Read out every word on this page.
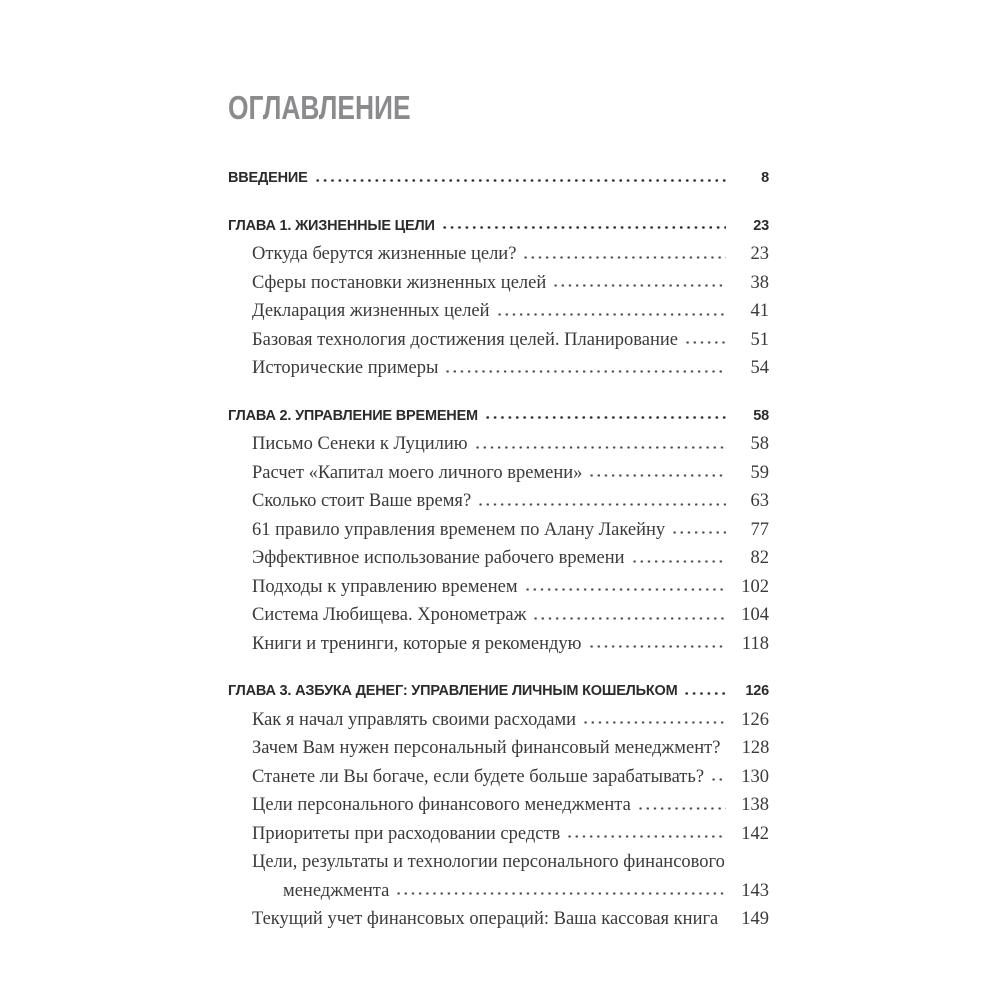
ОГЛАВЛЕНИЕ
ВВЕДЕНИЕ	8
ГЛАВА 1. ЖИЗНЕННЫЕ ЦЕЛИ	23
Откуда берутся жизненные цели?	23
Сферы постановки жизненных целей	38
Декларация жизненных целей	41
Базовая технология достижения целей. Планирование	51
Исторические примеры	54
ГЛАВА 2. УПРАВЛЕНИЕ ВРЕМЕНЕМ	58
Письмо Сенеки к Луцилию	58
Расчет «Капитал моего личного времени»	59
Сколько стоит Ваше время?	63
61 правило управления временем по Алану Лакейну	77
Эффективное использование рабочего времени	82
Подходы к управлению временем	102
Система Любищева. Хронометраж	104
Книги и тренинги, которые я рекомендую	118
ГЛАВА 3. АЗБУКА ДЕНЕГ: УПРАВЛЕНИЕ ЛИЧНЫМ КОШЕЛЬКОМ	126
Как я начал управлять своими расходами	126
Зачем Вам нужен персональный финансовый менеджмент?	128
Станете ли Вы богаче, если будете больше зарабатывать?	130
Цели персонального финансового менеджмента	138
Приоритеты при расходовании средств	142
Цели, результаты и технологии персонального финансового
менеджмента	143
Текущий учет финансовых операций: Ваша кассовая книга	149
